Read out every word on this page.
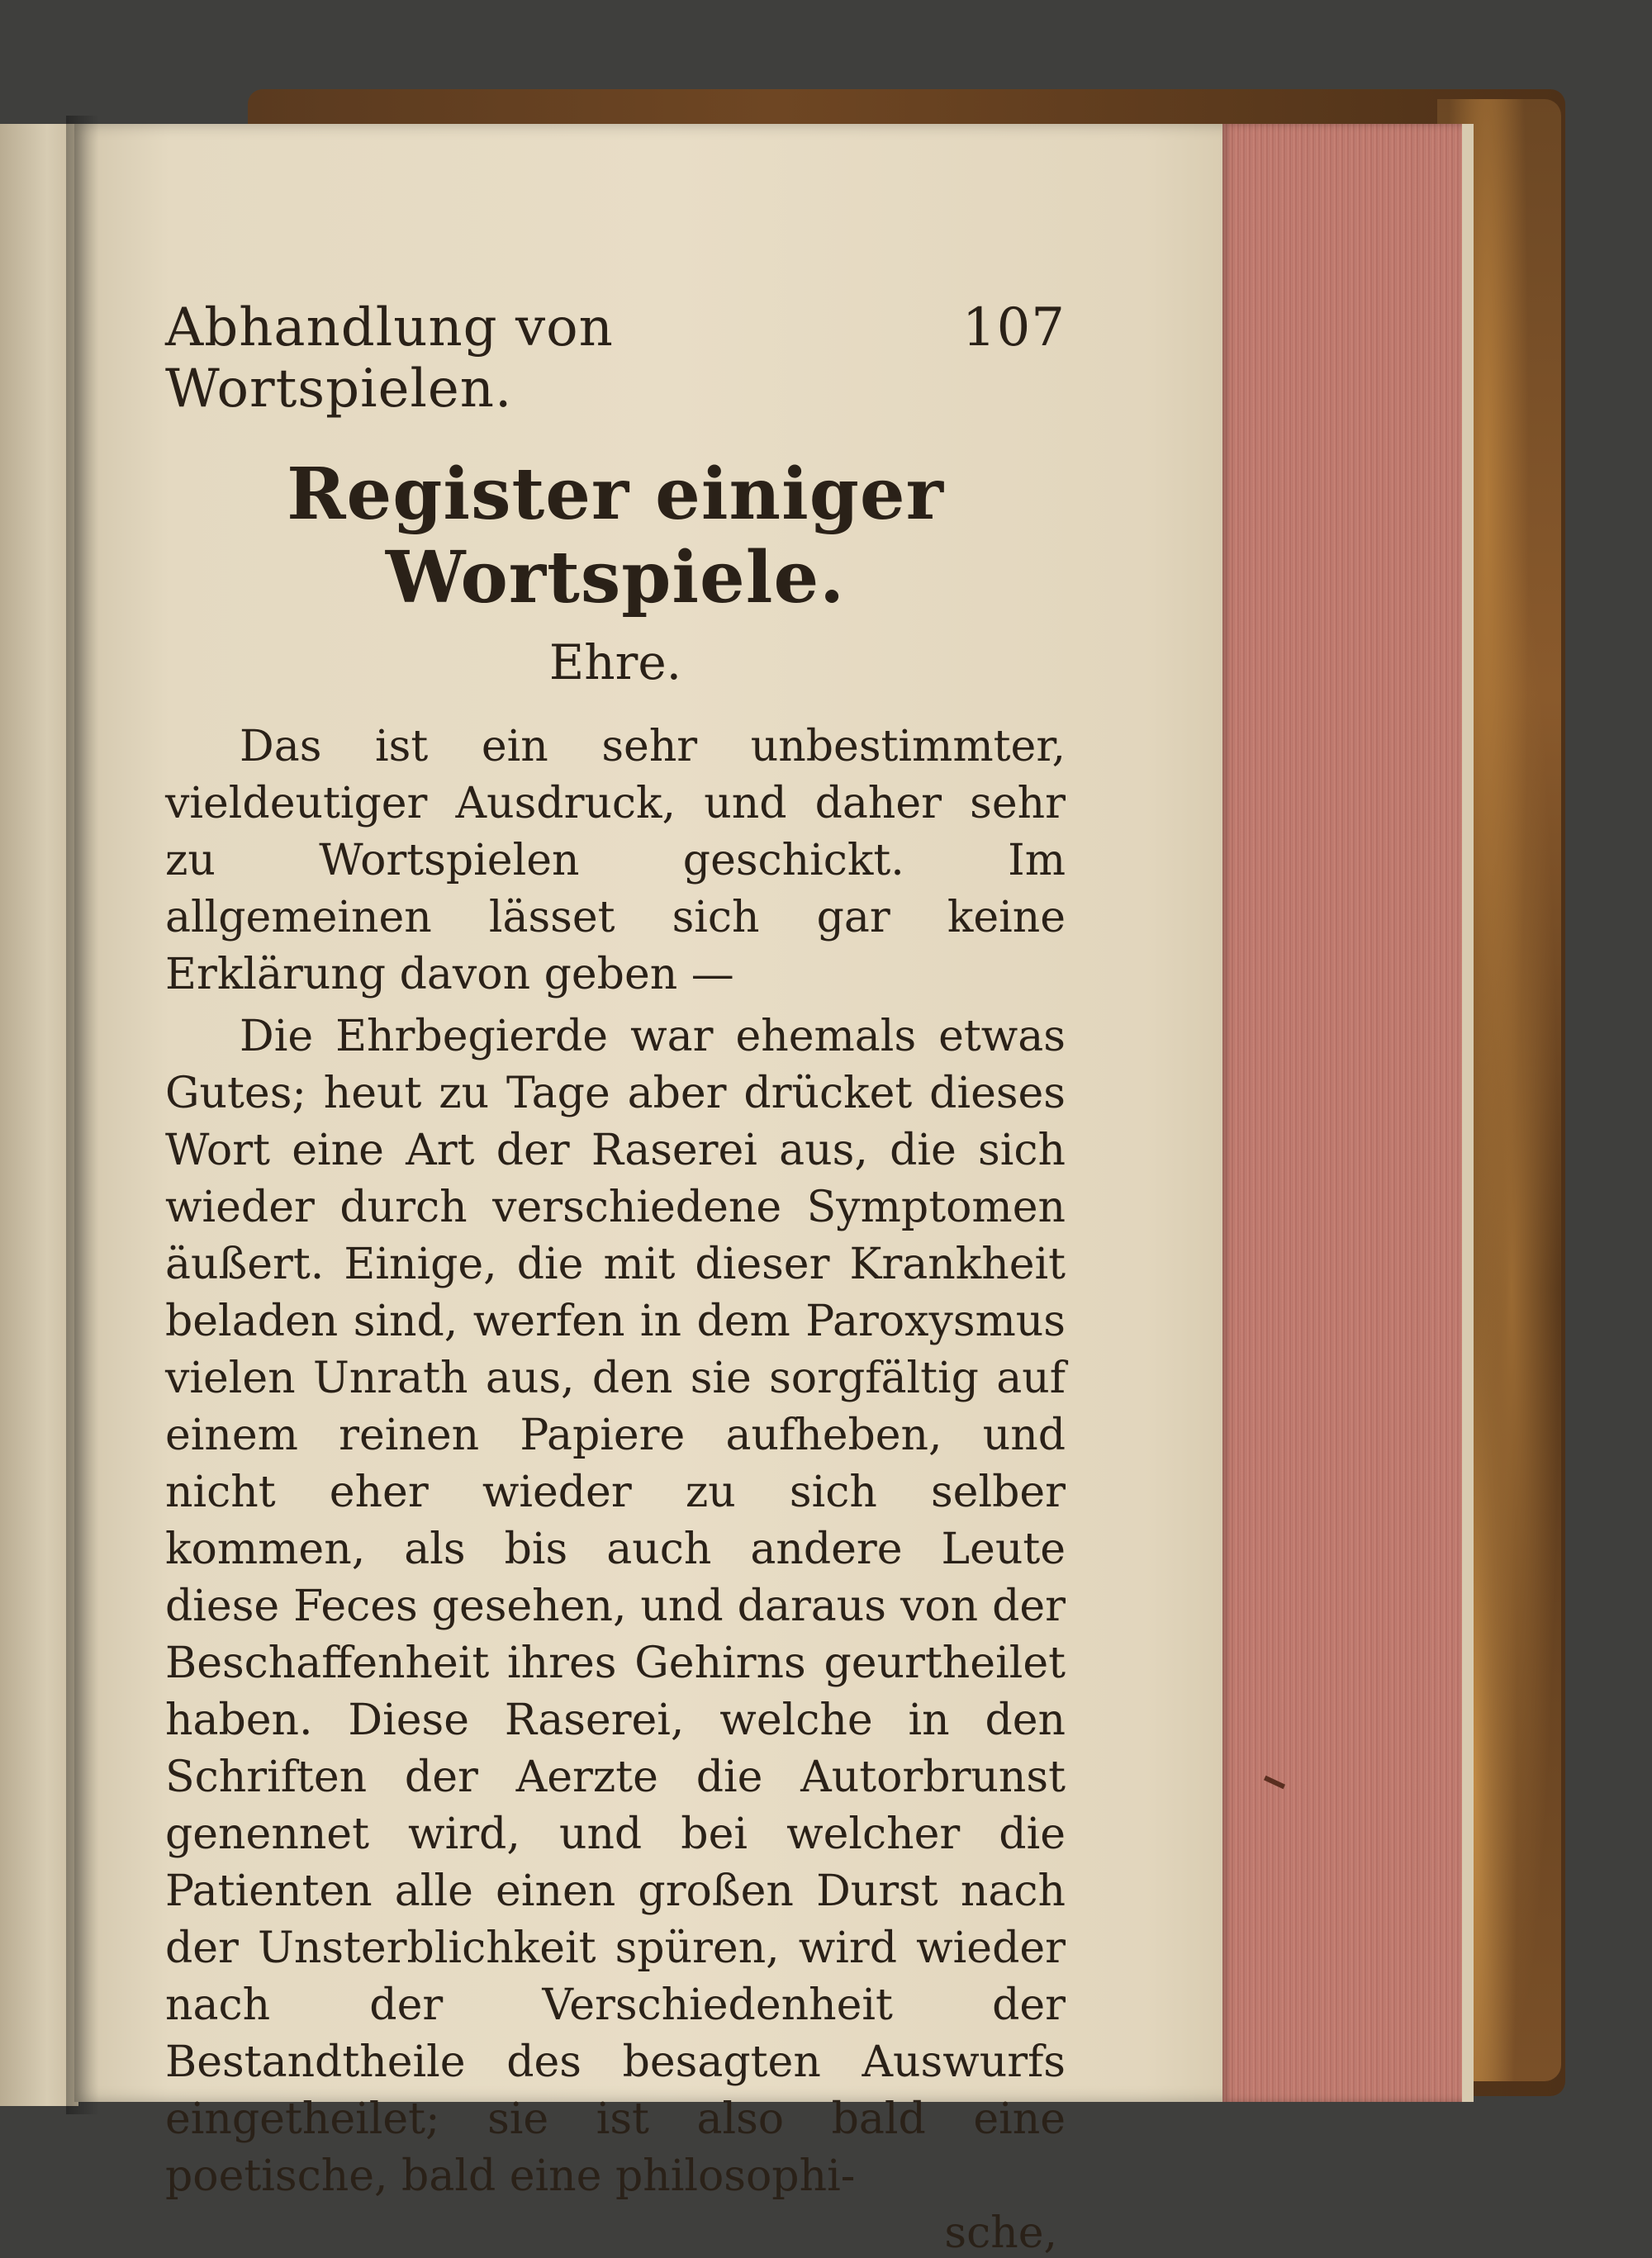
Abhandlung von Wortspielen.
107
Register einiger Wortspiele.
Ehre.

Das ist ein sehr unbestimmter, vieldeutiger Ausdruck, und daher sehr zu Wortspielen geschickt. Im allgemeinen lässet sich gar keine Erklärung davon geben —

Die Ehrbegierde war ehemals etwas Gutes; heut zu Tage aber drücket dieses Wort eine Art der Raserei aus, die sich wieder durch verschiedene Symptomen äußert. Einige, die mit dieser Krankheit beladen sind, werfen in dem Paroxysmus vielen Unrath aus, den sie sorgfältig auf einem reinen Papiere aufheben, und nicht eher wieder zu sich selber kommen, als bis auch andere Leute diese Feces gesehen, und daraus von der Beschaffenheit ihres Gehirns geurtheilet haben. Diese Raserei, welche in den Schriften der Aerzte die Autorbrunst genennet wird, und bei welcher die Patienten alle einen großen Durst nach der Unsterblichkeit spüren, wird wieder nach der Verschiedenheit der Bestandtheile des besagten Auswurfs eingetheilet; sie ist also bald eine poetische, bald eine philosophi-

sche,
